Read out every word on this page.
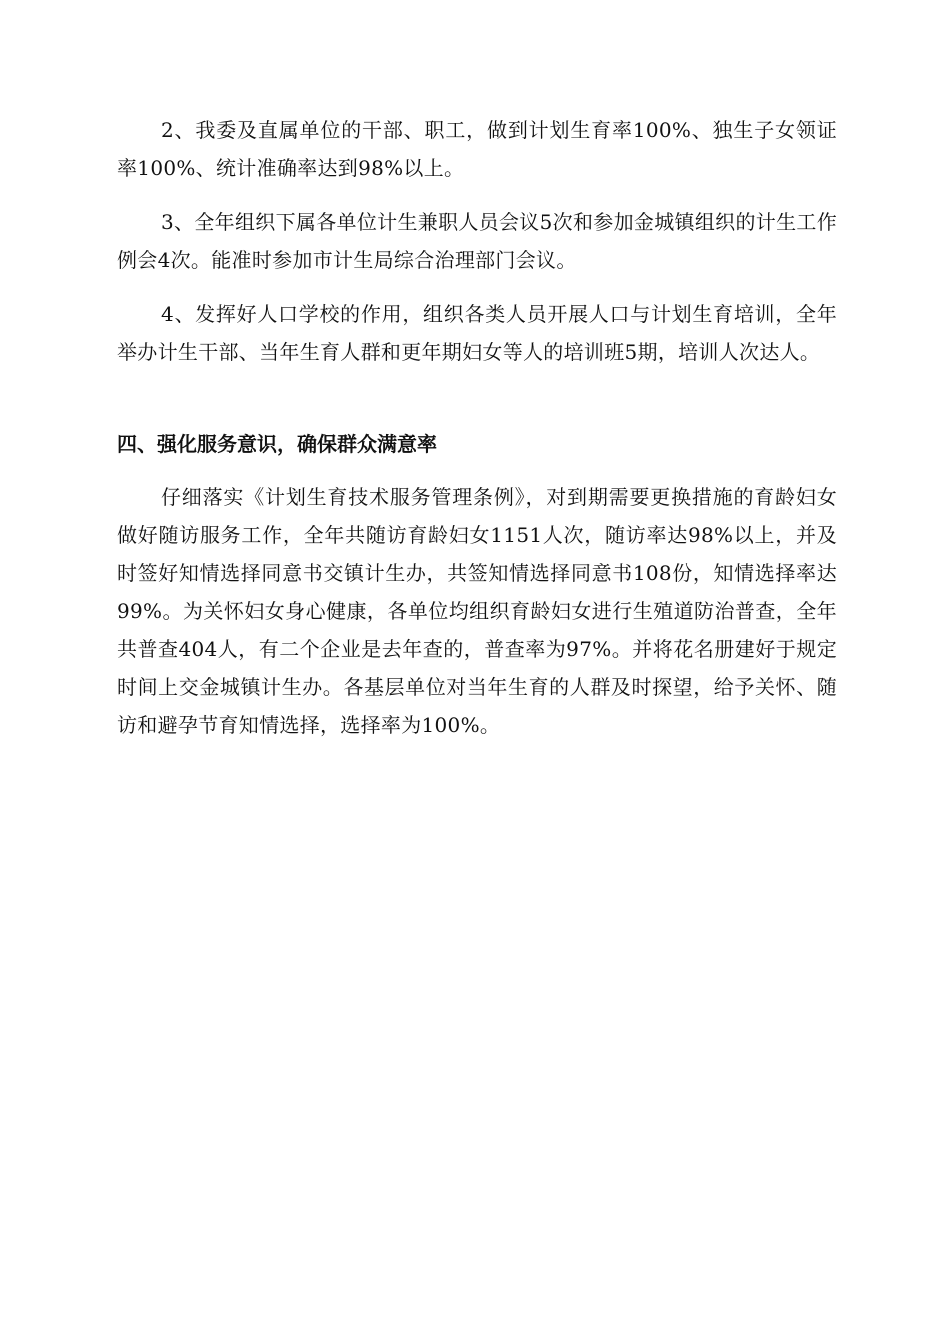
2、我委及直属单位的干部、职工，做到计划生育率100%、独生子女领证率100%、统计准确率达到98%以上。

3、全年组织下属各单位计生兼职人员会议5次和参加金城镇组织的计生工作例会4次。能准时参加市计生局综合治理部门会议。

4、发挥好人口学校的作用，组织各类人员开展人口与计划生育培训，全年举办计生干部、当年生育人群和更年期妇女等人的培训班5期，培训人次达人。

四、强化服务意识，确保群众满意率

仔细落实《计划生育技术服务管理条例》，对到期需要更换措施的育龄妇女做好随访服务工作，全年共随访育龄妇女1151人次，随访率达98%以上，并及时签好知情选择同意书交镇计生办，共签知情选择同意书108份，知情选择率达99%。为关怀妇女身心健康，各单位均组织育龄妇女进行生殖道防治普查，全年共普查404人，有二个企业是去年查的，普查率为97%。并将花名册建好于规定时间上交金城镇计生办。各基层单位对当年生育的人群及时探望，给予关怀、随访和避孕节育知情选择，选择率为100%。
